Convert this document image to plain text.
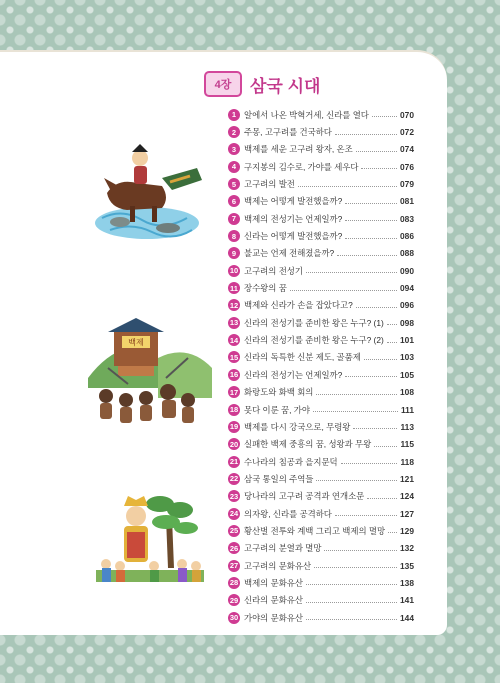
4장	삼국 시대
1 알에서 나온 박혁거세, 신라를 열다	070
2 주몽, 고구려를 건국하다	072
3 백제를 세운 고구려 왕자, 온조	074
4 구지봉의 김수로, 가야를 세우다	076
5 고구려의 발전	079
6 백제는 어떻게 발전했을까?	081
7 백제의 전성기는 언제일까?	083
8 신라는 어떻게 발전했을까?	086
9 불교는 언제 전해졌을까?	088
10 고구려의 전성기	090
11 장수왕의 꿈	094
12 백제와 신라가 손을 잡았다고?	096
13 신라의 전성기를 준비한 왕은 누구? (1) 098
14 신라의 전성기를 준비한 왕은 누구? (2) 101
15 신라의 독특한 신분 제도, 골품제	103
16 신라의 전성기는 언제일까?	105
17 화랑도와 화백 회의	108
18 못다 이룬 꿈, 가야	111
19 백제를 다시 강국으로, 무령왕	113
20 실패한 백제 중흥의 꿈, 성왕과 무왕	115
21 수나라의 침공과 을지문덕	118
22 삼국 통일의 주역들	121
23 당나라의 고구려 공격과 연개소문	124
24 의자왕, 신라를 공격하다	127
25 황산벌 전투와 계백 그리고 백제의 멸망 129
26 고구려의 분열과 멸망	132
27 고구려의 문화유산	135
28 백제의 문화유산	138
29 신라의 문화유산	141
30 가야의 문화유산	144
백제
